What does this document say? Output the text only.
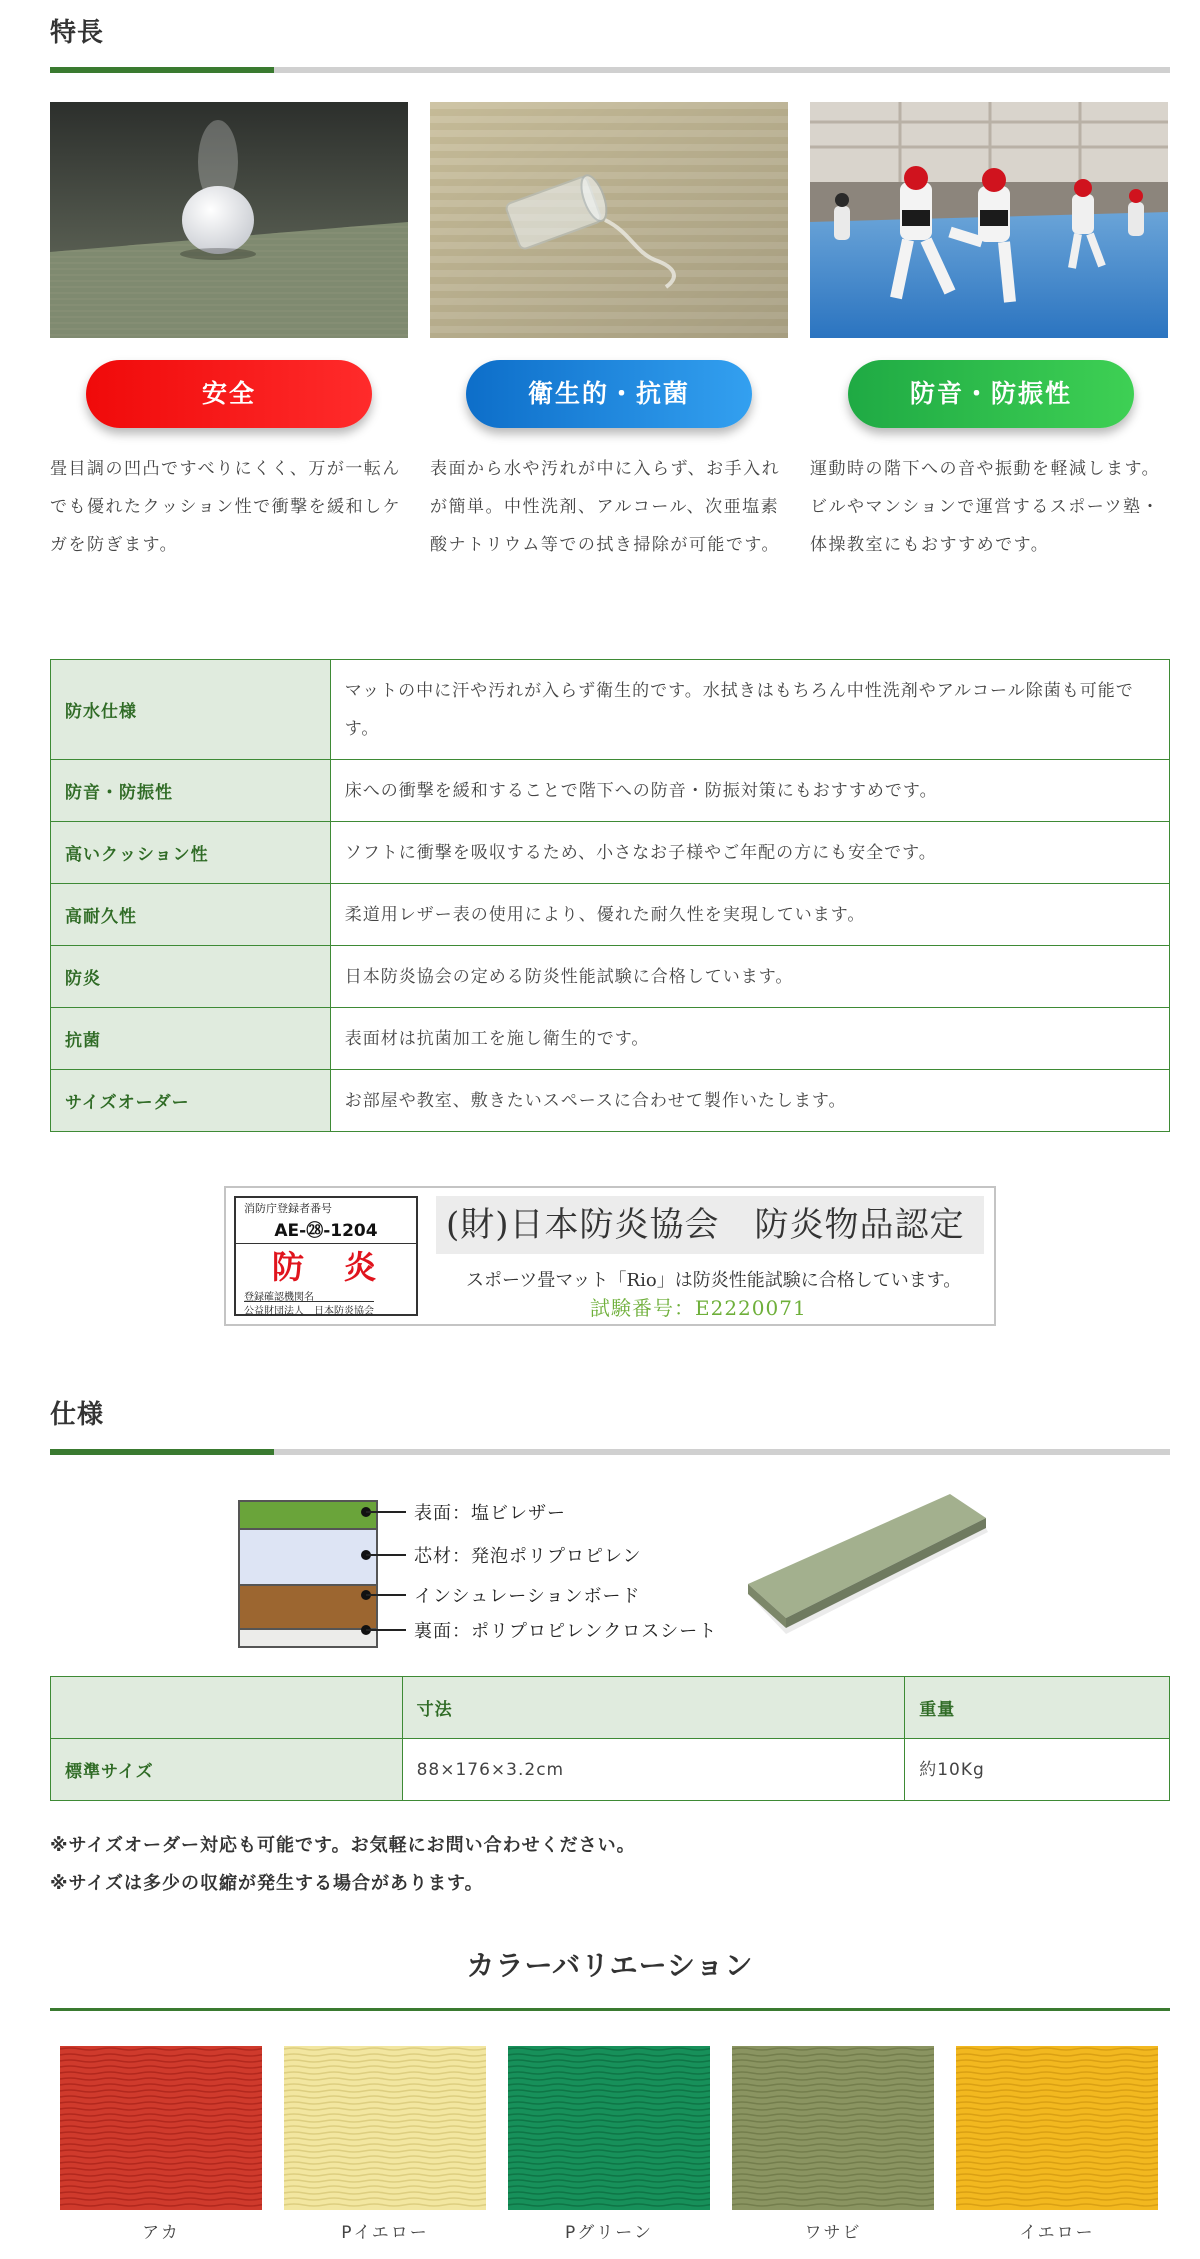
特長
安全	衛生的・抗菌	防音・防振性
畳目調の凹凸ですべりにくく、万が一転んでも優れたクッション性で衝撃を緩和しケガを防ぎます。
表面から水や汚れが中に入らず、お手入れが簡単。中性洗剤、アルコール、次亜塩素酸ナトリウム等での拭き掃除が可能です。
運動時の階下への音や振動を軽減します。ビルやマンションで運営するスポーツ塾・体操教室にもおすすめです。
防水仕様	マットの中に汗や汚れが入らず衛生的です。水拭きはもちろん中性洗剤やアルコール除菌も可能です。
防音・防振性	床への衝撃を緩和することで階下への防音・防振対策にもおすすめです。
高いクッション性	ソフトに衝撃を吸収するため、小さなお子様やご年配の方にも安全です。
高耐久性	柔道用レザー表の使用により、優れた耐久性を実現しています。
防炎	日本防炎協会の定める防炎性能試験に合格しています。
抗菌	表面材は抗菌加工を施し衛生的です。
サイズオーダー	お部屋や教室、敷きたいスペースに合わせて製作いたします。
消防庁登録者番号
AE-㉘-1204
防　炎
登録確認機関名
公益財団法人　日本防炎協会
(財)日本防炎協会　防炎物品認定
スポーツ畳マット「Rio」は防炎性能試験に合格しています。
試験番号：E2220071
仕様
表面：塩ビレザー
芯材：発泡ポリプロピレン
インシュレーションボード
裏面：ポリプロピレンクロスシート
	寸法	重量
標準サイズ	88×176×3.2cm	約10Kg
※サイズオーダー対応も可能です。お気軽にお問い合わせください。
※サイズは多少の収縮が発生する場合があります。
カラーバリエーション
アカ	Pイエロー	Pグリーン	ワサビ	イエロー
